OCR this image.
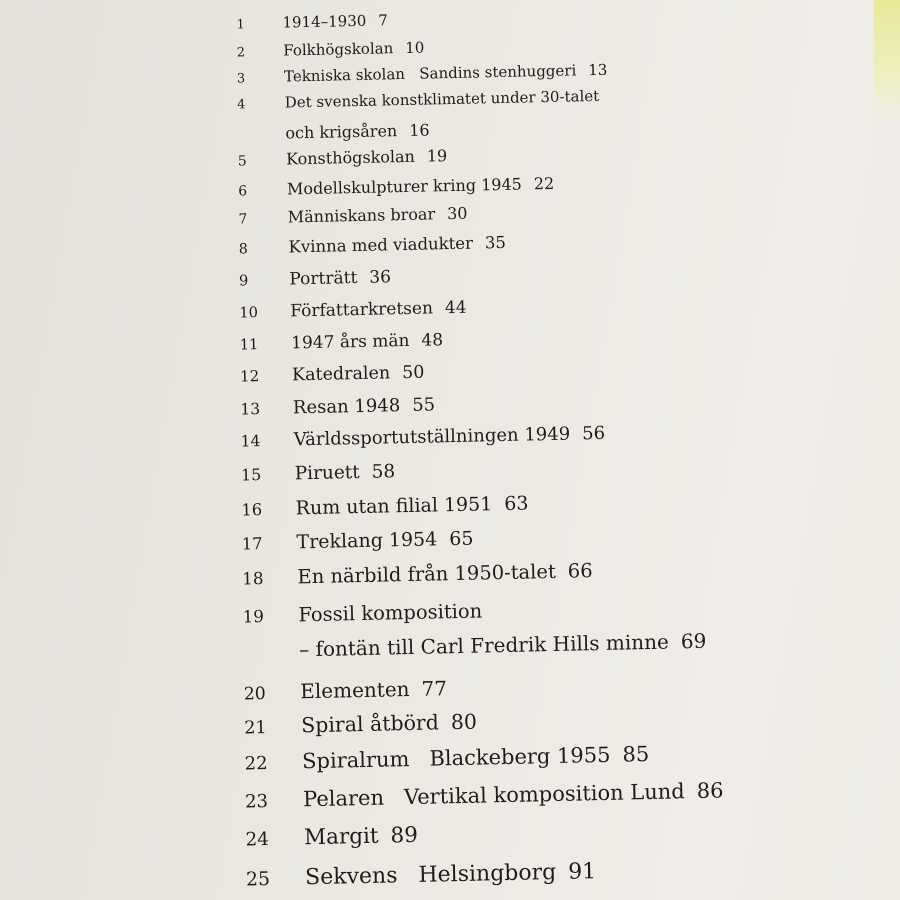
1 1914–1930 7
2	Folkhögskolan 10
3	Tekniska skolan   Sandins stenhuggeri 13
4	Det svenska konstklimatet under 30-talet
och krigsåren 16
5 Konsthögskolan 19
6 Modellskulpturer kring 1945 22
7	Människans broar 30
8 Kvinna med viadukter 35
9 Porträtt 36
10 Författarkretsen 44
11 1947 års män 48
12 Katedralen 50
13 Resan 1948 55
14 Världssportutställningen 1949 56
15 Piruett 58
16 Rum utan filial 1951 63
17 Treklang 1954 65
18 En närbild från 1950-talet 66
19 Fossil komposition
– fontän till Carl Fredrik Hills minne 69
20 Elementen 77
21 Spiral åtbörd 80
22 Spiralrum   Blackeberg 1955 85
23 Pelaren   Vertikal komposition Lund 86
24 Margit 89
25 Sekvens   Helsingborg 91
